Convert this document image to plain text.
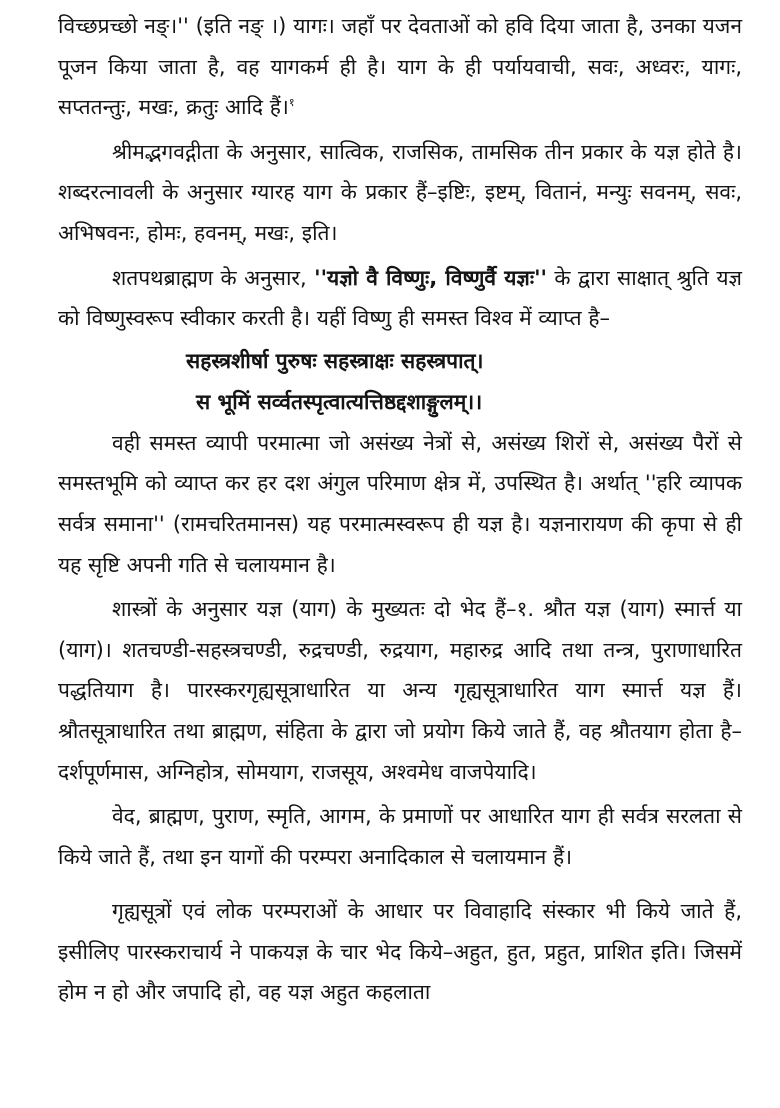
विच्छप्रच्छो नङ्।'' (इति नङ् ।) यागः। जहाँ पर देवताओं को हवि दिया जाता है, उनका यजन पूजन किया जाता है, वह यागकर्म ही है। याग के ही पर्यायवाची, सवः, अध्वरः, यागः, सप्ततन्तुः, मखः, क्रतुः आदि हैं।$^१$

श्रीमद्भगवद्गीता के अनुसार, सात्विक, राजसिक, तामसिक तीन प्रकार के यज्ञ होते है। शब्दरत्नावली के अनुसार ग्यारह याग के प्रकार हैं–इष्टिः, इष्टम्, वितानं, मन्युः सवनम्, सवः, अभिषवनः, होमः, हवनम्, मखः, इति।

शतपथब्राह्मण के अनुसार, ''यज्ञो वै विष्णुः, विष्णुर्वै यज्ञः'' के द्वारा साक्षात् श्रुति यज्ञ को विष्णुस्वरूप स्वीकार करती है। यहीं विष्णु ही समस्त विश्व में व्याप्त है–

सहस्त्रशीर्षा पुरुषः सहस्त्राक्षः सहस्त्रपात्।
स भूमिं सर्व्वतस्पृत्वात्यत्तिष्ठद्दशाङ्गुलम्।।

वही समस्त व्यापी परमात्मा जो असंख्य नेत्रों से, असंख्य शिरों से, असंख्य पैरों से समस्तभूमि को व्याप्त कर हर दश अंगुल परिमाण क्षेत्र में, उपस्थित है। अर्थात् ''हरि व्यापक सर्वत्र समाना'' (रामचरितमानस) यह परमात्मस्वरूप ही यज्ञ है। यज्ञनारायण की कृपा से ही यह सृष्टि अपनी गति से चलायमान है।

शास्त्रों के अनुसार यज्ञ (याग) के मुख्यतः दो भेद हैं–१. श्रौत यज्ञ (याग) स्मार्त्त या (याग)। शतचण्डी-सहस्त्रचण्डी, रुद्रचण्डी, रुद्रयाग, महारुद्र आदि तथा तन्त्र, पुराणाधारित पद्धतियाग है। पारस्करगृह्यसूत्राधारित या अन्य गृह्यसूत्राधारित याग स्मार्त्त यज्ञ हैं। श्रौतसूत्राधारित तथा ब्राह्मण, संहिता के द्वारा जो प्रयोग किये जाते हैं, वह श्रौतयाग होता है–दर्शपूर्णमास, अग्निहोत्र, सोमयाग, राजसूय, अश्वमेध वाजपेयादि।

वेद, ब्राह्मण, पुराण, स्मृति, आगम, के प्रमाणों पर आधारित याग ही सर्वत्र सरलता से किये जाते हैं, तथा इन यागों की परम्परा अनादिकाल से चलायमान हैं।

गृह्यसूत्रों एवं लोक परम्पराओं के आधार पर विवाहादि संस्कार भी किये जाते हैं, इसीलिए पारस्कराचार्य ने पाकयज्ञ के चार भेद किये–अहुत, हुत, प्रहुत, प्राशित इति। जिसमें होम न हो और जपादि हो, वह यज्ञ अहुत कहलाता
